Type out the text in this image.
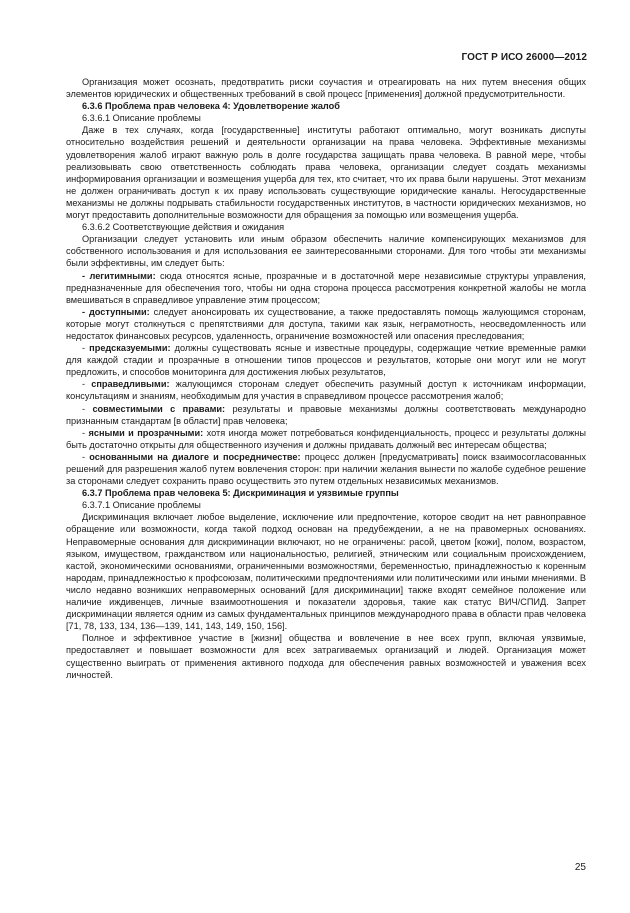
ГОСТ Р ИСО 26000—2012

Организация может осознать, предотвратить риски соучастия и отреагировать на них путем внесения общих элементов юридических и общественных требований в свой процесс [применения] должной предусмотрительности.

6.3.6 Проблема прав человека 4: Удовлетворение жалоб

6.3.6.1 Описание проблемы

Даже в тех случаях, когда [государственные] институты работают оптимально, могут возникать диспуты относительно воздействия решений и деятельности организации на права человека. Эффективные механизмы удовлетворения жалоб играют важную роль в долге государства защищать права человека. В равной мере, чтобы реализовывать свою ответственность соблюдать права человека, организации следует создать механизмы информирования организации и возмещения ущерба для тех, кто считает, что их права были нарушены. Этот механизм не должен ограничивать доступ к их праву использовать существующие юридические каналы. Негосударственные механизмы не должны подрывать стабильности государственных институтов, в частности юридических механизмов, но могут предоставить дополнительные возможности для обращения за помощью или возмещения ущерба.

6.3.6.2 Соответствующие действия и ожидания

Организации следует установить или иным образом обеспечить наличие компенсирующих механизмов для собственного использования и для использования ее заинтересованными сторонами. Для того чтобы эти механизмы были эффективны, им следует быть:

- легитимными: сюда относятся ясные, прозрачные и в достаточной мере независимые структуры управления, предназначенные для обеспечения того, чтобы ни одна сторона процесса рассмотрения конкретной жалобы не могла вмешиваться в справедливое управление этим процессом;

- доступными: следует анонсировать их существование, а также предоставлять помощь жалующимся сторонам, которые могут столкнуться с препятствиями для доступа, такими как язык, неграмотность, неосведомленность или недостаток финансовых ресурсов, удаленность, ограничение возможностей или опасения преследования;

- предсказуемыми: должны существовать ясные и известные процедуры, содержащие четкие временные рамки для каждой стадии и прозрачные в отношении типов процессов и результатов, которые они могут или не могут предложить, и способов мониторинга для достижения любых результатов,

- справедливыми: жалующимся сторонам следует обеспечить разумный доступ к источникам информации, консультациям и знаниям, необходимым для участия в справедливом процессе рассмотрения жалоб;

- совместимыми с правами: результаты и правовые механизмы должны соответствовать международно признанным стандартам [в области] прав человека;

- ясными и прозрачными: хотя иногда может потребоваться конфиденциальность, процесс и результаты должны быть достаточно открыты для общественного изучения и должны придавать должный вес интересам общества;

- основанными на диалоге и посредничестве: процесс должен [предусматривать] поиск взаимосогласованных решений для разрешения жалоб путем вовлечения сторон: при наличии желания вынести по жалобе судебное решение за сторонами следует сохранить право осуществить это путем отдельных независимых механизмов.

6.3.7 Проблема прав человека 5: Дискриминация и уязвимые группы

6.3.7.1 Описание проблемы

Дискриминация включает любое выделение, исключение или предпочтение, которое сводит на нет равноправное обращение или возможности, когда такой подход основан на предубеждении, а не на правомерных основаниях. Неправомерные основания для дискриминации включают, но не ограничены: расой, цветом [кожи], полом, возрастом, языком, имуществом, гражданством или национальностью, религией, этническим или социальным происхождением, кастой, экономическими основаниями, ограниченными возможностями, беременностью, принадлежностью к коренным народам, принадлежностью к профсоюзам, политическими предпочтениями или политическими или иными мнениями. В число недавно возникших неправомерных оснований [для дискриминации] также входят семейное положение или наличие иждивенцев, личные взаимоотношения и показатели здоровья, такие как статус ВИЧ/СПИД. Запрет дискриминации является одним из самых фундаментальных принципов международного права в области прав человека [71, 78, 133, 134, 136—139, 141, 143, 149, 150, 156].

Полное и эффективное участие в [жизни] общества и вовлечение в нее всех групп, включая уязвимые, предоставляет и повышает возможности для всех затрагиваемых организаций и людей. Организация может существенно выиграть от применения активного подхода для обеспечения равных возможностей и уважения всех личностей.

25
